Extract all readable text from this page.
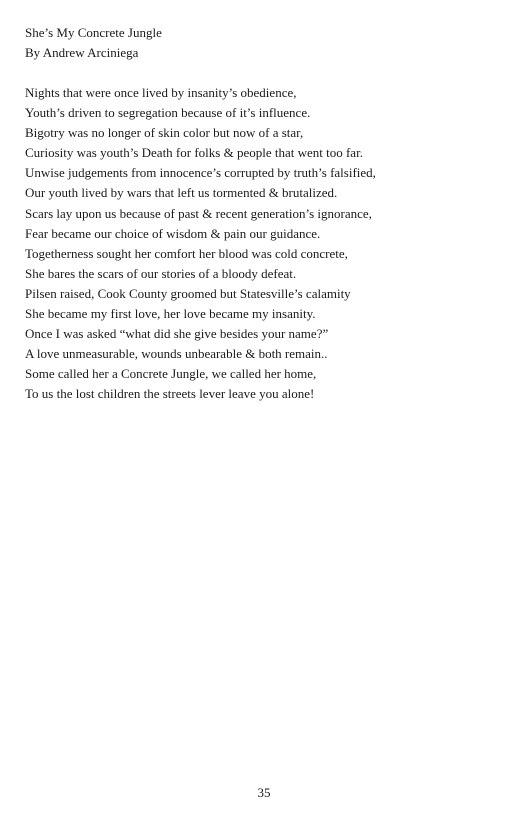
She’s My Concrete Jungle
By Andrew Arciniega
Nights that were once lived by insanity’s obedience,
Youth’s driven to segregation because of it’s influence.
Bigotry was no longer of skin color but now of a star,
Curiosity was youth’s Death for folks & people that went too far.
Unwise judgements from innocence’s corrupted by truth’s falsified,
Our youth lived by wars that left us tormented & brutalized.
Scars lay upon us because of past & recent generation’s ignorance,
Fear became our choice of wisdom & pain our guidance.
Togetherness sought her comfort her blood was cold concrete,
She bares the scars of our stories of a bloody defeat.
Pilsen raised, Cook County groomed but Statesville’s calamity
She became my first love, her love became my insanity.
Once I was asked “what did she give besides your name?”
A love unmeasurable, wounds unbearable & both remain..
Some called her a Concrete Jungle, we called her home,
To us the lost children the streets lever leave you alone!
35
